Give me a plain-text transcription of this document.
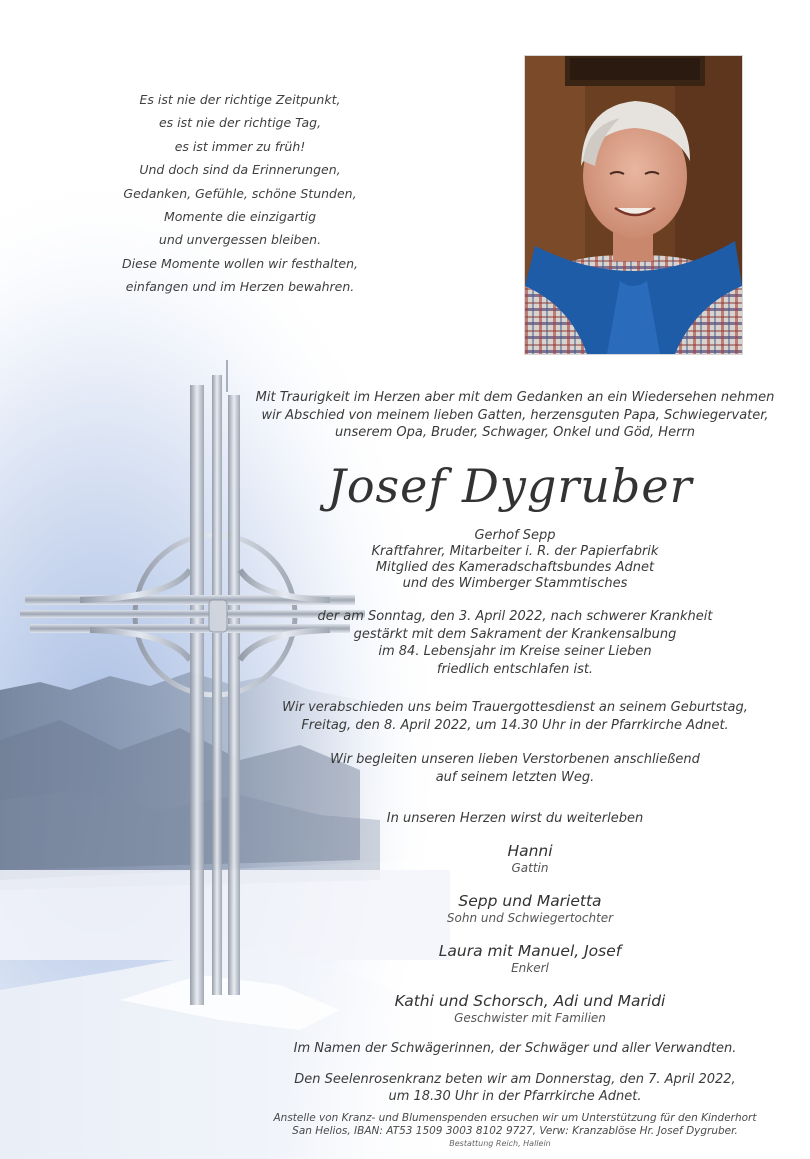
Es ist nie der richtige Zeitpunkt,
es ist nie der richtige Tag,
es ist immer zu früh!
Und doch sind da Erinnerungen,
Gedanken, Gefühle, schöne Stunden,
Momente die einzigartig
und unvergessen bleiben.
Diese Momente wollen wir festhalten,
einfangen und im Herzen bewahren.
Mit Traurigkeit im Herzen aber mit dem Gedanken an ein Wiedersehen nehmen
wir Abschied von meinem lieben Gatten, herzensguten Papa, Schwiegervater,
unserem Opa, Bruder, Schwager, Onkel und Göd, Herrn
Josef Dygruber
Gerhof Sepp
Kraftfahrer, Mitarbeiter i. R. der Papierfabrik
Mitglied des Kameradschaftsbundes Adnet
und des Wimberger Stammtisches
der am Sonntag, den 3. April 2022, nach schwerer Krankheit
gestärkt mit dem Sakrament der Krankensalbung
im 84. Lebensjahr im Kreise seiner Lieben
friedlich entschlafen ist.
Wir verabschieden uns beim Trauergottesdienst an seinem Geburtstag,
Freitag, den 8. April 2022, um 14.30 Uhr in der Pfarrkirche Adnet.
Wir begleiten unseren lieben Verstorbenen anschließend
auf seinem letzten Weg.
In unseren Herzen wirst du weiterleben
Hanni
Gattin
Sepp und Marietta
Sohn und Schwiegertochter
Laura mit Manuel, Josef
Enkerl
Kathi und Schorsch, Adi und Maridi
Geschwister mit Familien
Im Namen der Schwägerinnen, der Schwäger und aller Verwandten.
Den Seelenrosenkranz beten wir am Donnerstag, den 7. April 2022,
um 18.30 Uhr in der Pfarrkirche Adnet.
Anstelle von Kranz- und Blumenspenden ersuchen wir um Unterstützung für den Kinderhort
San Helios, IBAN: AT53 1509 3003 8102 9727, Verw: Kranzablöse Hr. Josef Dygruber.
Bestattung Reich, Hallein
